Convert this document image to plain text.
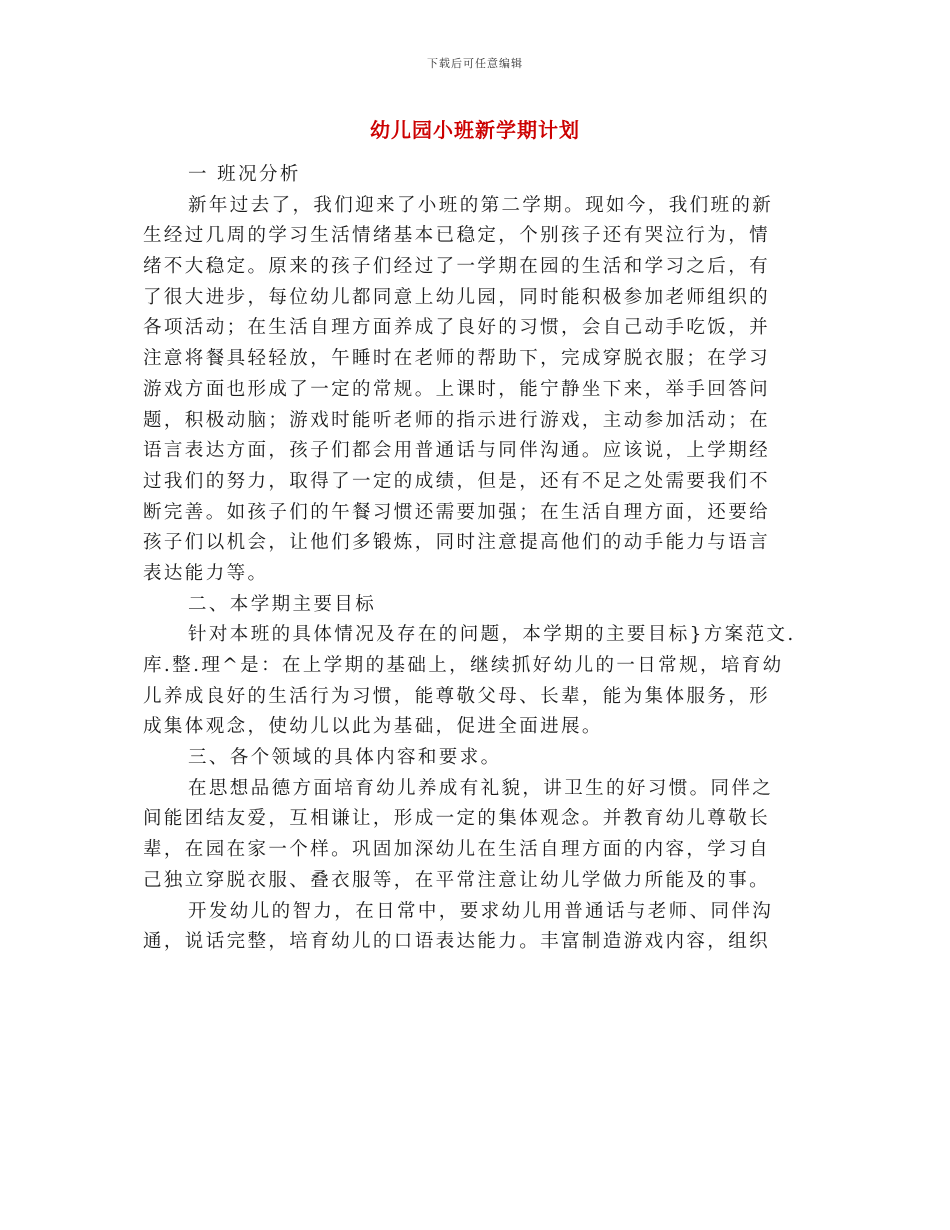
下载后可任意编辑
幼儿园小班新学期计划
一 班况分析
新年过去了，我们迎来了小班的第二学期。现如今，我们班的新
生经过几周的学习生活情绪基本已稳定，个别孩子还有哭泣行为，情
绪不大稳定。原来的孩子们经过了一学期在园的生活和学习之后，有
了很大进步，每位幼儿都同意上幼儿园，同时能积极参加老师组织的
各项活动；在生活自理方面养成了良好的习惯，会自己动手吃饭，并
注意将餐具轻轻放，午睡时在老师的帮助下，完成穿脱衣服；在学习
游戏方面也形成了一定的常规。上课时，能宁静坐下来，举手回答问
题，积极动脑；游戏时能听老师的指示进行游戏，主动参加活动；在
语言表达方面，孩子们都会用普通话与同伴沟通。应该说，上学期经
过我们的努力，取得了一定的成绩，但是，还有不足之处需要我们不
断完善。如孩子们的午餐习惯还需要加强；在生活自理方面，还要给
孩子们以机会，让他们多锻炼，同时注意提高他们的动手能力与语言
表达能力等。
二、本学期主要目标
针对本班的具体情况及存在的问题，本学期的主要目标}方案范文.
库.整.理^是：在上学期的基础上，继续抓好幼儿的一日常规，培育幼
儿养成良好的生活行为习惯，能尊敬父母、长辈，能为集体服务，形
成集体观念，使幼儿以此为基础，促进全面进展。
三、各个领域的具体内容和要求。
在思想品德方面培育幼儿养成有礼貌，讲卫生的好习惯。同伴之
间能团结友爱，互相谦让，形成一定的集体观念。并教育幼儿尊敬长
辈，在园在家一个样。巩固加深幼儿在生活自理方面的内容，学习自
己独立穿脱衣服、叠衣服等，在平常注意让幼儿学做力所能及的事。
开发幼儿的智力，在日常中，要求幼儿用普通话与老师、同伴沟
通，说话完整，培育幼儿的口语表达能力。丰富制造游戏内容，组织
